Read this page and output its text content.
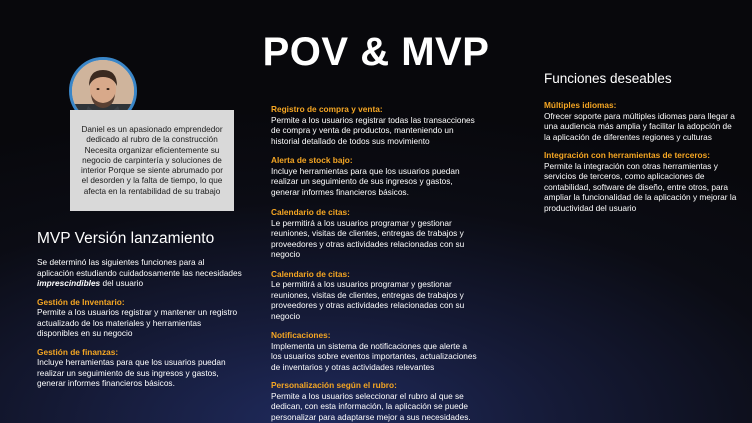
POV & MVP

Daniel es un apasionado emprendedor dedicado al rubro de la construcción Necesita organizar eficientemente su negocio de carpintería y soluciones de interior Porque se siente abrumado por el desorden y la falta de tiempo, lo que afecta en la rentabilidad de su trabajo

MVP Versión lanzamiento

Se determinó las siguientes funciones para al aplicación estudiando cuidadosamente las necesidades imprescindibles del usuario

Gestión de Inventario:

Permite a los usuarios registrar y mantener un registro actualizado de los materiales y herramientas disponibles en su negocio

Gestión de finanzas:

Incluye herramientas para que los usuarios puedan realizar un seguimiento de sus ingresos y gastos, generar informes financieros básicos.

Registro de compra y venta:

Permite a los usuarios registrar todas las transacciones de compra y venta de productos, manteniendo un historial detallado de todos sus movimiento

Alerta de stock bajo:

Incluye herramientas para que los usuarios puedan realizar un seguimiento de sus ingresos y gastos, generar informes financieros básicos.

Calendario de citas:

Le permitirá a los usuarios programar y gestionar reuniones, visitas de clientes, entregas de trabajos y proveedores y otras actividades relacionadas con su negocio

Calendario de citas:

Le permitirá a los usuarios programar y gestionar reuniones, visitas de clientes, entregas de trabajos y proveedores y otras actividades relacionadas con su negocio

Notificaciones:

Implementa un sistema de notificaciones que alerte a los usuarios sobre eventos importantes, actualizaciones de inventarios y otras actividades relevantes

Personalización según el rubro:

Permite a los usuarios seleccionar el rubro al que se dedican, con esta información, la aplicación se puede personalizar para adaptarse mejor a sus necesidades.

Funciones deseables

Múltiples idiomas:

Ofrecer soporte para múltiples idiomas para llegar a una audiencia más amplia y facilitar la adopción de la aplicación de diferentes regiones y culturas

Integración con herramientas de terceros:

Permite la integración con otras herramientas y servicios de terceros, como aplicaciones de contabilidad, software de diseño, entre otros, para ampliar la funcionalidad de la aplicación y mejorar la productividad del usuario
